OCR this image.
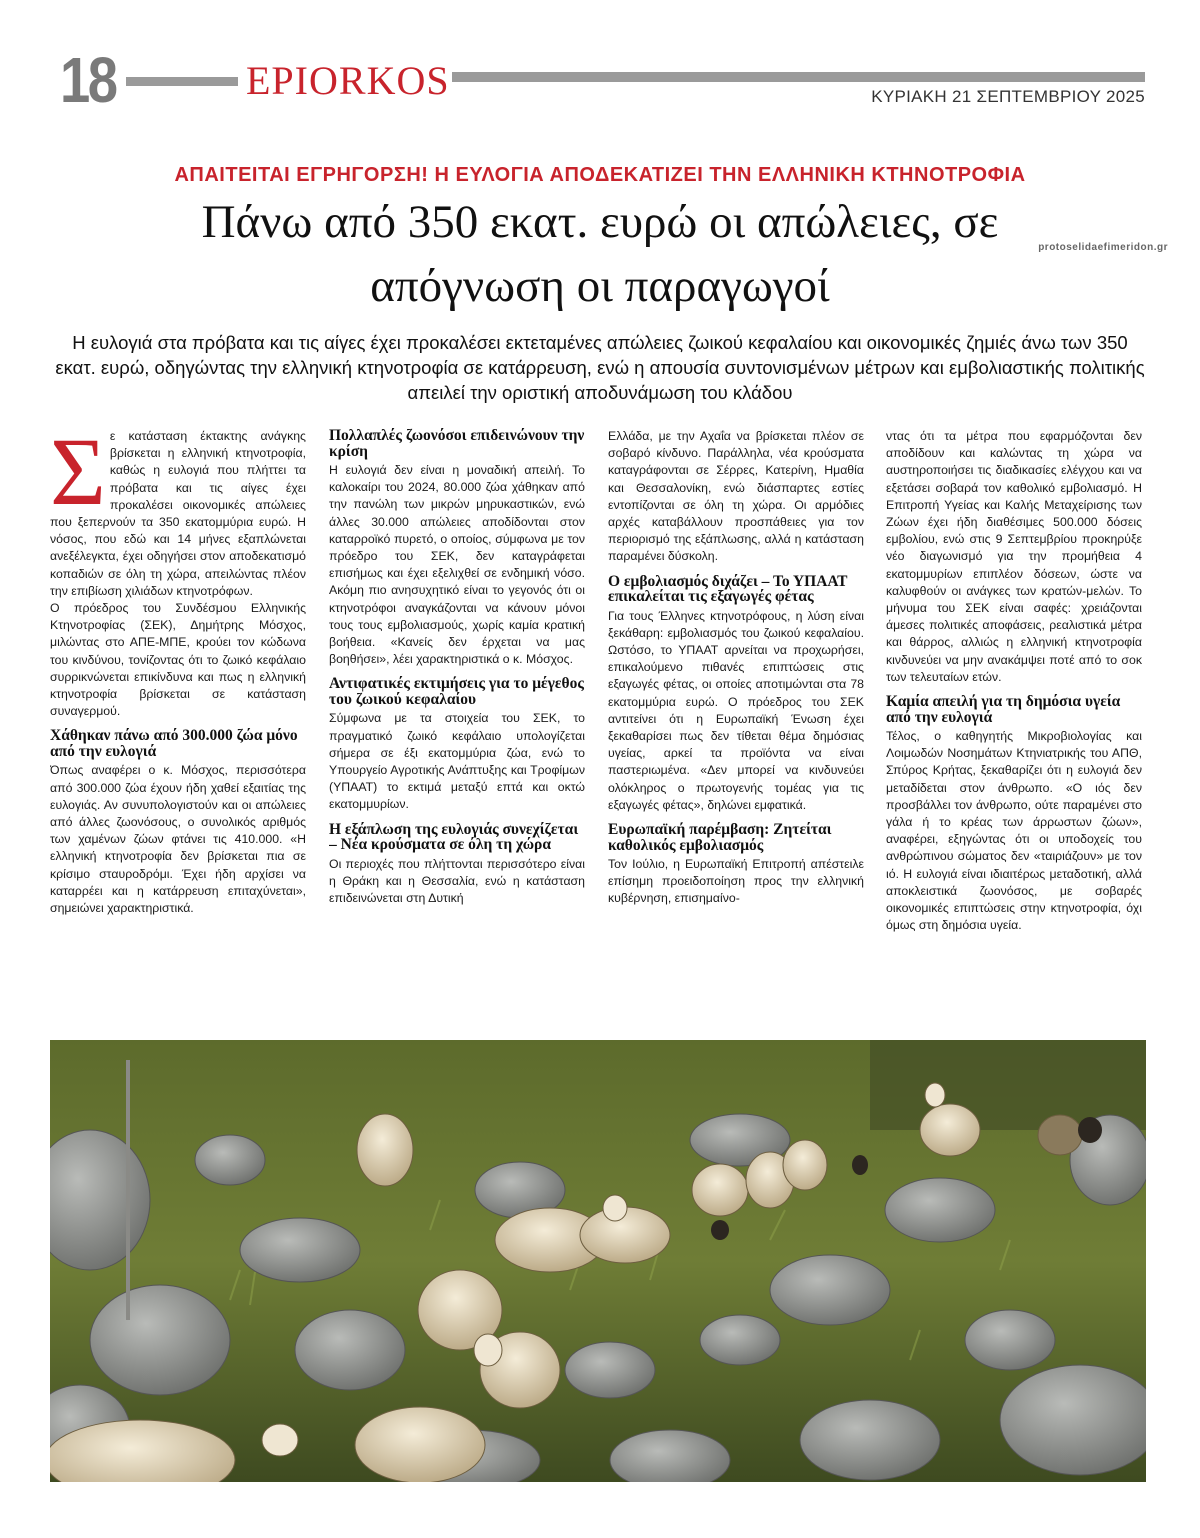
18	EPIORKOS	ΚΥΡΙΑΚΗ 21 ΣΕΠΤΕΜΒΡΙΟΥ 2025
ΑΠΑΙΤΕΙΤΑΙ ΕΓΡΗΓΟΡΣΗ! Η ΕΥΛΟΓΙΑ ΑΠΟΔΕΚΑΤΙΖΕΙ ΤΗΝ ΕΛΛΗΝΙΚΗ ΚΤΗΝΟΤΡΟΦΙΑ
Πάνω από 350 εκατ. ευρώ οι απώλειες, σε
απόγνωση οι παραγωγοί
protoselidaefimeridon.gr
Η ευλογιά στα πρόβατα και τις αίγες έχει προκαλέσει εκτεταμένες απώλειες ζωικού κεφαλαίου και οικονομικές ζημιές άνω των 350 εκατ. ευρώ, οδηγώντας την ελληνική κτηνοτροφία σε κατάρρευση, ενώ η απουσία συντονισμένων μέτρων και εμβολιαστικής πολιτικής απειλεί την οριστική αποδυνάμωση του κλάδου
Σ ε κατάσταση έκτακτης ανάγκης βρίσκεται η ελληνική κτηνοτροφία, καθώς η ευλογιά που πλήττει τα πρόβατα και τις αίγες έχει προκαλέσει οικονομικές απώλειες που ξεπερνούν τα 350 εκατομμύρια ευρώ. Η νόσος, που εδώ και 14 μήνες εξαπλώνεται ανεξέλεγκτα, έχει οδηγήσει στον αποδεκατισμό κοπαδιών σε όλη τη χώρα, απειλώντας πλέον την επιβίωση χιλιάδων κτηνοτρόφων.

Ο πρόεδρος του Συνδέσμου Ελληνικής Κτηνοτροφίας (ΣΕΚ), Δημήτρης Μόσχος, μιλώντας στο ΑΠΕ-ΜΠΕ, κρούει τον κώδωνα του κινδύνου, τονίζοντας ότι το ζωικό κεφάλαιο συρρικνώνεται επικίνδυνα και πως η ελληνική κτηνοτροφία βρίσκεται σε κατάσταση συναγερμού.

Χάθηκαν πάνω από 300.000 ζώα μόνο από την ευλογιά

Όπως αναφέρει ο κ. Μόσχος, περισσότερα από 300.000 ζώα έχουν ήδη χαθεί εξαιτίας της ευλογιάς. Αν συνυπολογιστούν και οι απώλειες από άλλες ζωονόσους, ο συνολικός αριθμός των χαμένων ζώων φτάνει τις 410.000. «Η ελληνική κτηνοτροφία δεν βρίσκεται πια σε κρίσιμο σταυροδρόμι. Έχει ήδη αρχίσει να καταρρέει και η κατάρρευση επιταχύνεται», σημειώνει χαρακτηριστικά.

Πολλαπλές ζωονόσοι επιδεινώνουν την κρίση

Η ευλογιά δεν είναι η μοναδική απειλή. Το καλοκαίρι του 2024, 80.000 ζώα χάθηκαν από την πανώλη των μικρών μηρυκαστικών, ενώ άλλες 30.000 απώλειες αποδίδονται στον καταρροϊκό πυρετό, ο οποίος, σύμφωνα με τον πρόεδρο του ΣΕΚ, δεν καταγράφεται επισήμως και έχει εξελιχθεί σε ενδημική νόσο. Ακόμη πιο ανησυχητικό είναι το γεγονός ότι οι κτηνοτρόφοι αναγκάζονται να κάνουν μόνοι τους τους εμβολιασμούς, χωρίς καμία κρατική βοήθεια. «Κανείς δεν έρχεται να μας βοηθήσει», λέει χαρακτηριστικά ο κ. Μόσχος.

Αντιφατικές εκτιμήσεις για το μέγεθος του ζωικού κεφαλαίου

Σύμφωνα με τα στοιχεία του ΣΕΚ, το πραγματικό ζωικό κεφάλαιο υπολογίζεται σήμερα σε έξι εκατομμύρια ζώα, ενώ το Υπουργείο Αγροτικής Ανάπτυξης και Τροφίμων (ΥΠΑΑΤ) το εκτιμά μεταξύ επτά και οκτώ εκατομμυρίων.

Η εξάπλωση της ευλογιάς συνεχίζεται – Νέα κρούσματα σε όλη τη χώρα

Οι περιοχές που πλήττονται περισσότερο είναι η Θράκη και η Θεσσαλία, ενώ η κατάσταση επιδεινώνεται στη Δυτική

Ελλάδα, με την Αχαΐα να βρίσκεται πλέον σε σοβαρό κίνδυνο. Παράλληλα, νέα κρούσματα καταγράφονται σε Σέρρες, Κατερίνη, Ημαθία και Θεσσαλονίκη, ενώ διάσπαρτες εστίες εντοπίζονται σε όλη τη χώρα. Οι αρμόδιες αρχές καταβάλλουν προσπάθειες για τον περιορισμό της εξάπλωσης, αλλά η κατάσταση παραμένει δύσκολη.

Ο εμβολιασμός διχάζει – Το ΥΠΑΑΤ επικαλείται τις εξαγωγές φέτας

Για τους Έλληνες κτηνοτρόφους, η λύση είναι ξεκάθαρη: εμβολιασμός του ζωικού κεφαλαίου. Ωστόσο, το ΥΠΑΑΤ αρνείται να προχωρήσει, επικαλούμενο πιθανές επιπτώσεις στις εξαγωγές φέτας, οι οποίες αποτιμώνται στα 78 εκατομμύρια ευρώ. Ο πρόεδρος του ΣΕΚ αντιτείνει ότι η Ευρωπαϊκή Ένωση έχει ξεκαθαρίσει πως δεν τίθεται θέμα δημόσιας υγείας, αρκεί τα προϊόντα να είναι παστεριωμένα. «Δεν μπορεί να κινδυνεύει ολόκληρος ο πρωτογενής τομέας για τις εξαγωγές φέτας», δηλώνει εμφατικά.

Ευρωπαϊκή παρέμβαση: Ζητείται καθολικός εμβολιασμός

Τον Ιούλιο, η Ευρωπαϊκή Επιτροπή απέστειλε επίσημη προειδοποίηση προς την ελληνική κυβέρνηση, επισημαίνο-

ντας ότι τα μέτρα που εφαρμόζονται δεν αποδίδουν και καλώντας τη χώρα να αυστηροποιήσει τις διαδικασίες ελέγχου και να εξετάσει σοβαρά τον καθολικό εμβολιασμό. Η Επιτροπή Υγείας και Καλής Μεταχείρισης των Ζώων έχει ήδη διαθέσιμες 500.000 δόσεις εμβολίου, ενώ στις 9 Σεπτεμβρίου προκηρύξε νέο διαγωνισμό για την προμήθεια 4 εκατομμυρίων επιπλέον δόσεων, ώστε να καλυφθούν οι ανάγκες των κρατών-μελών. Το μήνυμα του ΣΕΚ είναι σαφές: χρειάζονται άμεσες πολιτικές αποφάσεις, ρεαλιστικά μέτρα και θάρρος, αλλιώς η ελληνική κτηνοτροφία κινδυνεύει να μην ανακάμψει ποτέ από το σοκ των τελευταίων ετών.

Καμία απειλή για τη δημόσια υγεία από την ευλογιά

Τέλος, ο καθηγητής Μικροβιολογίας και Λοιμωδών Νοσημάτων Κτηνιατρικής του ΑΠΘ, Σπύρος Κρήτας, ξεκαθαρίζει ότι η ευλογιά δεν μεταδίδεται στον άνθρωπο. «Ο ιός δεν προσβάλλει τον άνθρωπο, ούτε παραμένει στο γάλα ή το κρέας των άρρωστων ζώων», αναφέρει, εξηγώντας ότι οι υποδοχείς του ανθρώπινου σώματος δεν «ταιριάζουν» με τον ιό. Η ευλογιά είναι ιδιαιτέρως μεταδοτική, αλλά αποκλειστικά ζωονόσος, με σοβαρές οικονομικές επιπτώσεις στην κτηνοτροφία, όχι όμως στη δημόσια υγεία.
